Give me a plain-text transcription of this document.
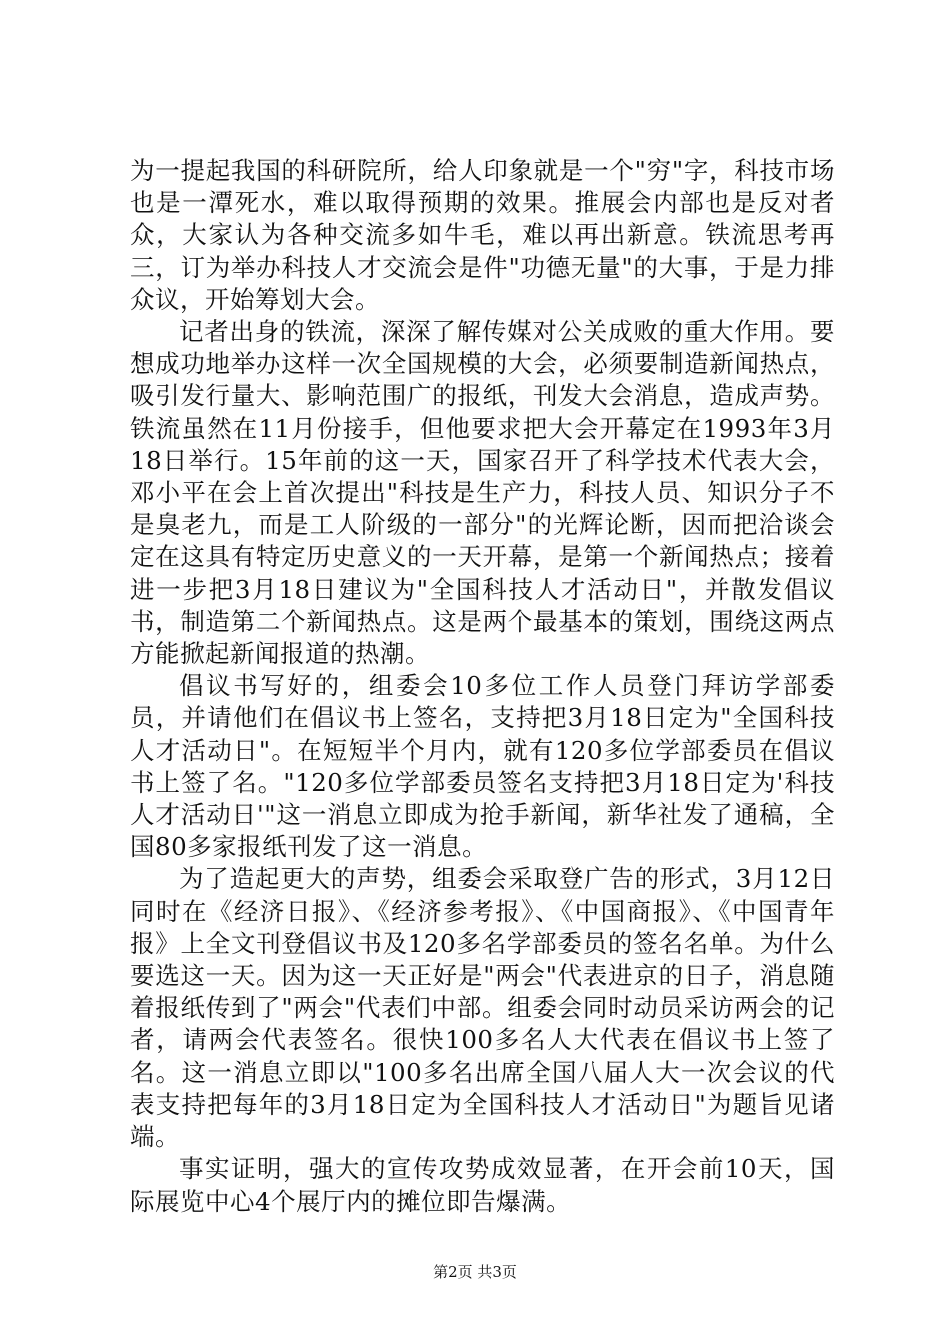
为一提起我国的科研院所，给人印象就是一个"穷"字，科技市场也是一潭死水，难以取得预期的效果。推展会内部也是反对者众，大家认为各种交流多如牛毛，难以再出新意。铁流思考再三，订为举办科技人才交流会是件"功德无量"的大事，于是力排众议，开始筹划大会。

记者出身的铁流，深深了解传媒对公关成败的重大作用。要想成功地举办这样一次全国规模的大会，必须要制造新闻热点，吸引发行量大、影响范围广的报纸，刊发大会消息，造成声势。铁流虽然在11月份接手，但他要求把大会开幕定在1993年3月18日举行。15年前的这一天，国家召开了科学技术代表大会，邓小平在会上首次提出"科技是生产力，科技人员、知识分子不是臭老九，而是工人阶级的一部分"的光辉论断，因而把洽谈会定在这具有特定历史意义的一天开幕，是第一个新闻热点；接着进一步把3月18日建议为"全国科技人才活动日"，并散发倡议书，制造第二个新闻热点。这是两个最基本的策划，围绕这两点方能掀起新闻报道的热潮。

倡议书写好的，组委会10多位工作人员登门拜访学部委员，并请他们在倡议书上签名，支持把3月18日定为"全国科技人才活动日"。在短短半个月内，就有120多位学部委员在倡议书上签了名。"120多位学部委员签名支持把3月18日定为'科技人才活动日'"这一消息立即成为抢手新闻，新华社发了通稿，全国80多家报纸刊发了这一消息。

为了造起更大的声势，组委会采取登广告的形式，3月12日同时在《经济日报》、《经济参考报》、《中国商报》、《中国青年报》上全文刊登倡议书及120多名学部委员的签名名单。为什么要选这一天。因为这一天正好是"两会"代表进京的日子，消息随着报纸传到了"两会"代表们中部。组委会同时动员采访两会的记者，请两会代表签名。很快100多名人大代表在倡议书上签了名。这一消息立即以"100多名出席全国八届人大一次会议的代表支持把每年的3月18日定为全国科技人才活动日"为题旨见诸端。

事实证明，强大的宣传攻势成效显著，在开会前10天，国际展览中心4个展厅内的摊位即告爆满。

第2页 共3页
